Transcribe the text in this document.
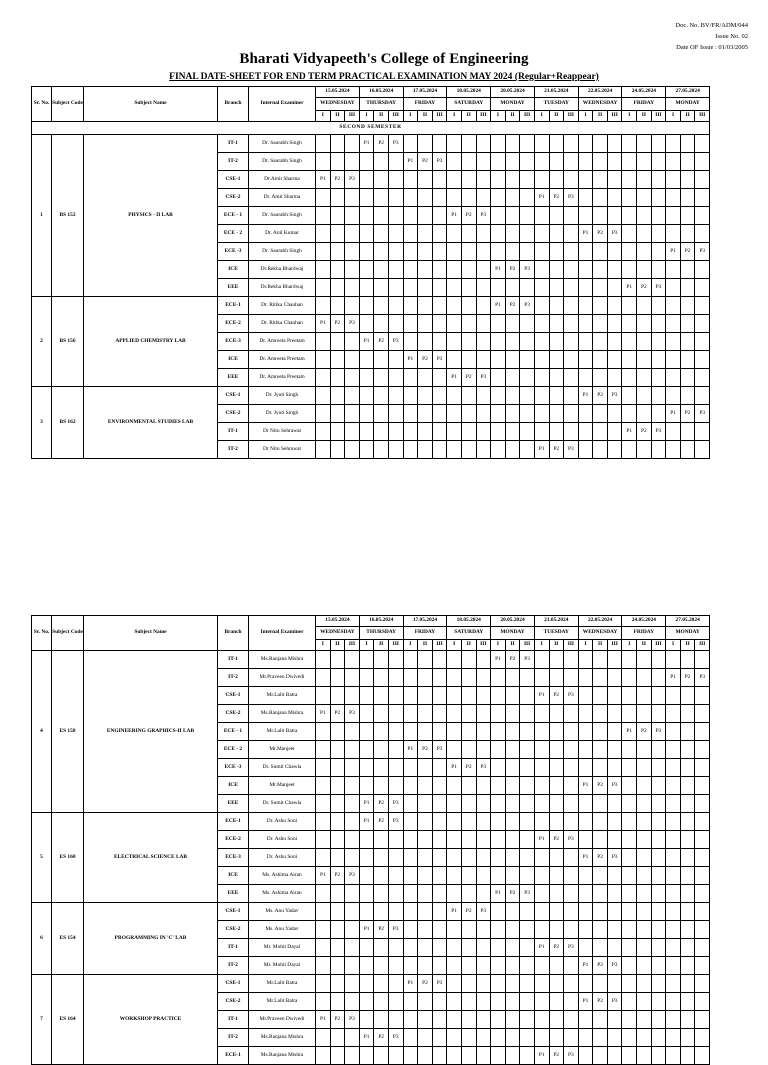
Doc. No. BV/FR/ADM/044
Issue No. 02
Date OF Issue : 01/03/2005
Bharati Vidyapeeth's College of Engineering
FINAL DATE-SHEET FOR END TERM PRACTICAL EXAMINATION MAY 2024 (Regular+Reappear)
Sr. No.	Subject Code	Subject Name	Branch	Internal Examiner	15.05.2024			16.05.2024			17.05.2024			18.05.2024			20.05.2024			21.05.2024			22.05.2024			24.05.2024			27.05.2024		
					WEDNESDAY			THURSDAY			FRIDAY			SATURDAY			MONDAY			TUESDAY			WEDNESDAY			FRIDAY			MONDAY		
					I	II	III	I	II	III	I	II	III	I	II	III	I	II	III	I	II	III	I	II	III	I	II	III	I	II	III
SECOND SEMESTER																															
1	BS 152	PHYSICS - II LAB	IT-1	Dr. Saurabh Singh				P1	P2	P3																					
			IT-2	Dr. Saurabh Singh							P1	P2	P3																		
			CSE-1	Dr.Amit Sharma	P1	P2	P3																								
			CSE-2	Dr. Amit Sharma																P1	P2	P3									
			ECE - 1	Dr. Saurabh Singh										P1	P2	P3															
			ECE - 2	Dr. Anil Kumar																			P1	P2	P3						
			ECE -3	Dr. Saurabh Singh																									P1	P2	P3
			ICE	Dr.Rekha Bhardwaj													P1	P2	P3												
			EEE	Dr.Rekha Bhardwaj																						P1	P2	P3			
2	BS 156	APPLIED CHEMISTRY LAB	ECE-1	Dr. Ritika Chauhan													P1	P2	P3												
			ECE-2	Dr. Ritika Chauhan	P1	P2	P3																								
			ECE-3	Dr. Amreeta Preetam				P1	P2	P3																					
			ICE	Dr. Amreeta Preetam							P1	P2	P3																		
			EEE	Dr. Amreeta Preetam										P1	P2	P3															
3	BS 162	ENVIRONMENTAL STUDIES LAB	CSE-1	Dr. Jyoti Singh																			P1	P2	P3						
			CSE-2	Dr. Jyoti Singh																									P1	P2	P3
			IT-1	Dr Nitu Sehrawat																						P1	P2	P3			
			IT-2	Dr Nitu Sehrawat																P1	P2	P3									
Sr. No.	Subject Code	Subject Name	Branch	Internal Examiner	15.05.2024			16.05.2024			17.05.2024			18.05.2024			20.05.2024			21.05.2024			22.05.2024			24.05.2024			27.05.2024		
					WEDNESDAY			THURSDAY			FRIDAY			SATURDAY			MONDAY			TUESDAY			WEDNESDAY			FRIDAY			MONDAY		
					I	II	III	I	II	III	I	II	III	I	II	III	I	II	III	I	II	III	I	II	III	I	II	III	I	II	III
4	ES 158	ENGINEERING GRAPHICS-II LAB	IT-1	Ms.Ranjana Mishra													P1	P2	P3												
			IT-2	Mr.Praveen Dwivedi																									P1	P2	P3
			CSE-1	Mr.Lalit Batra																P1	P2	P3									
			CSE-2	Ms.Ranjana Mishra	P1	P2	P3																								
			ECE - 1	Mr.Lalit Batra																						P1	P2	P3			
			ECE - 2	Mr.Manjeet							P1	P2	P3																		
			ECE -3	Dr. Sumit Chawla										P1	P2	P3															
			ICE	Mr.Manjeet																			P1	P2	P3						
			EEE	Dr. Sumit Chawla				P1	P2	P3																					
5	ES 160	ELECTRICAL SCIENCE LAB	ECE-1	Dr. Ashu Soni				P1	P2	P3																					
			ECE-2	Dr. Ashu Soni																P1	P2	P3									
			ECE-3	Dr. Ashu Soni																			P1	P2	P3						
			ICE	Ms. Ashima Airan	P1	P2	P3																								
			EEE	Ms. Ashima Airan													P1	P2	P3												
6	ES 154	PROGRAMMING IN 'C' LAB	CSE-1	Ms. Anu Yadav										P1	P2	P3															
			CSE-2	Ms. Anu Yadav				P1	P2	P3																					
			IT-1	Mr. Mohit Dayal																P1	P2	P3									
			IT-2	Mr. Mohit Dayal																			P1	P2	P3						
7	ES 164	WORKSHOP PRACTICE	CSE-1	Mr.Lalit Batra							P1	P2	P3																		
			CSE-2	Mr.Lalit Batra																			P1	P2	P3						
			IT-1	Mr.Praveen Dwivedi	P1	P2	P3																								
			IT-2	Ms.Ranjana Mishra				P1	P2	P3																					
			ECE-1	Ms.Ranjana Mishra																P1	P2	P3									
